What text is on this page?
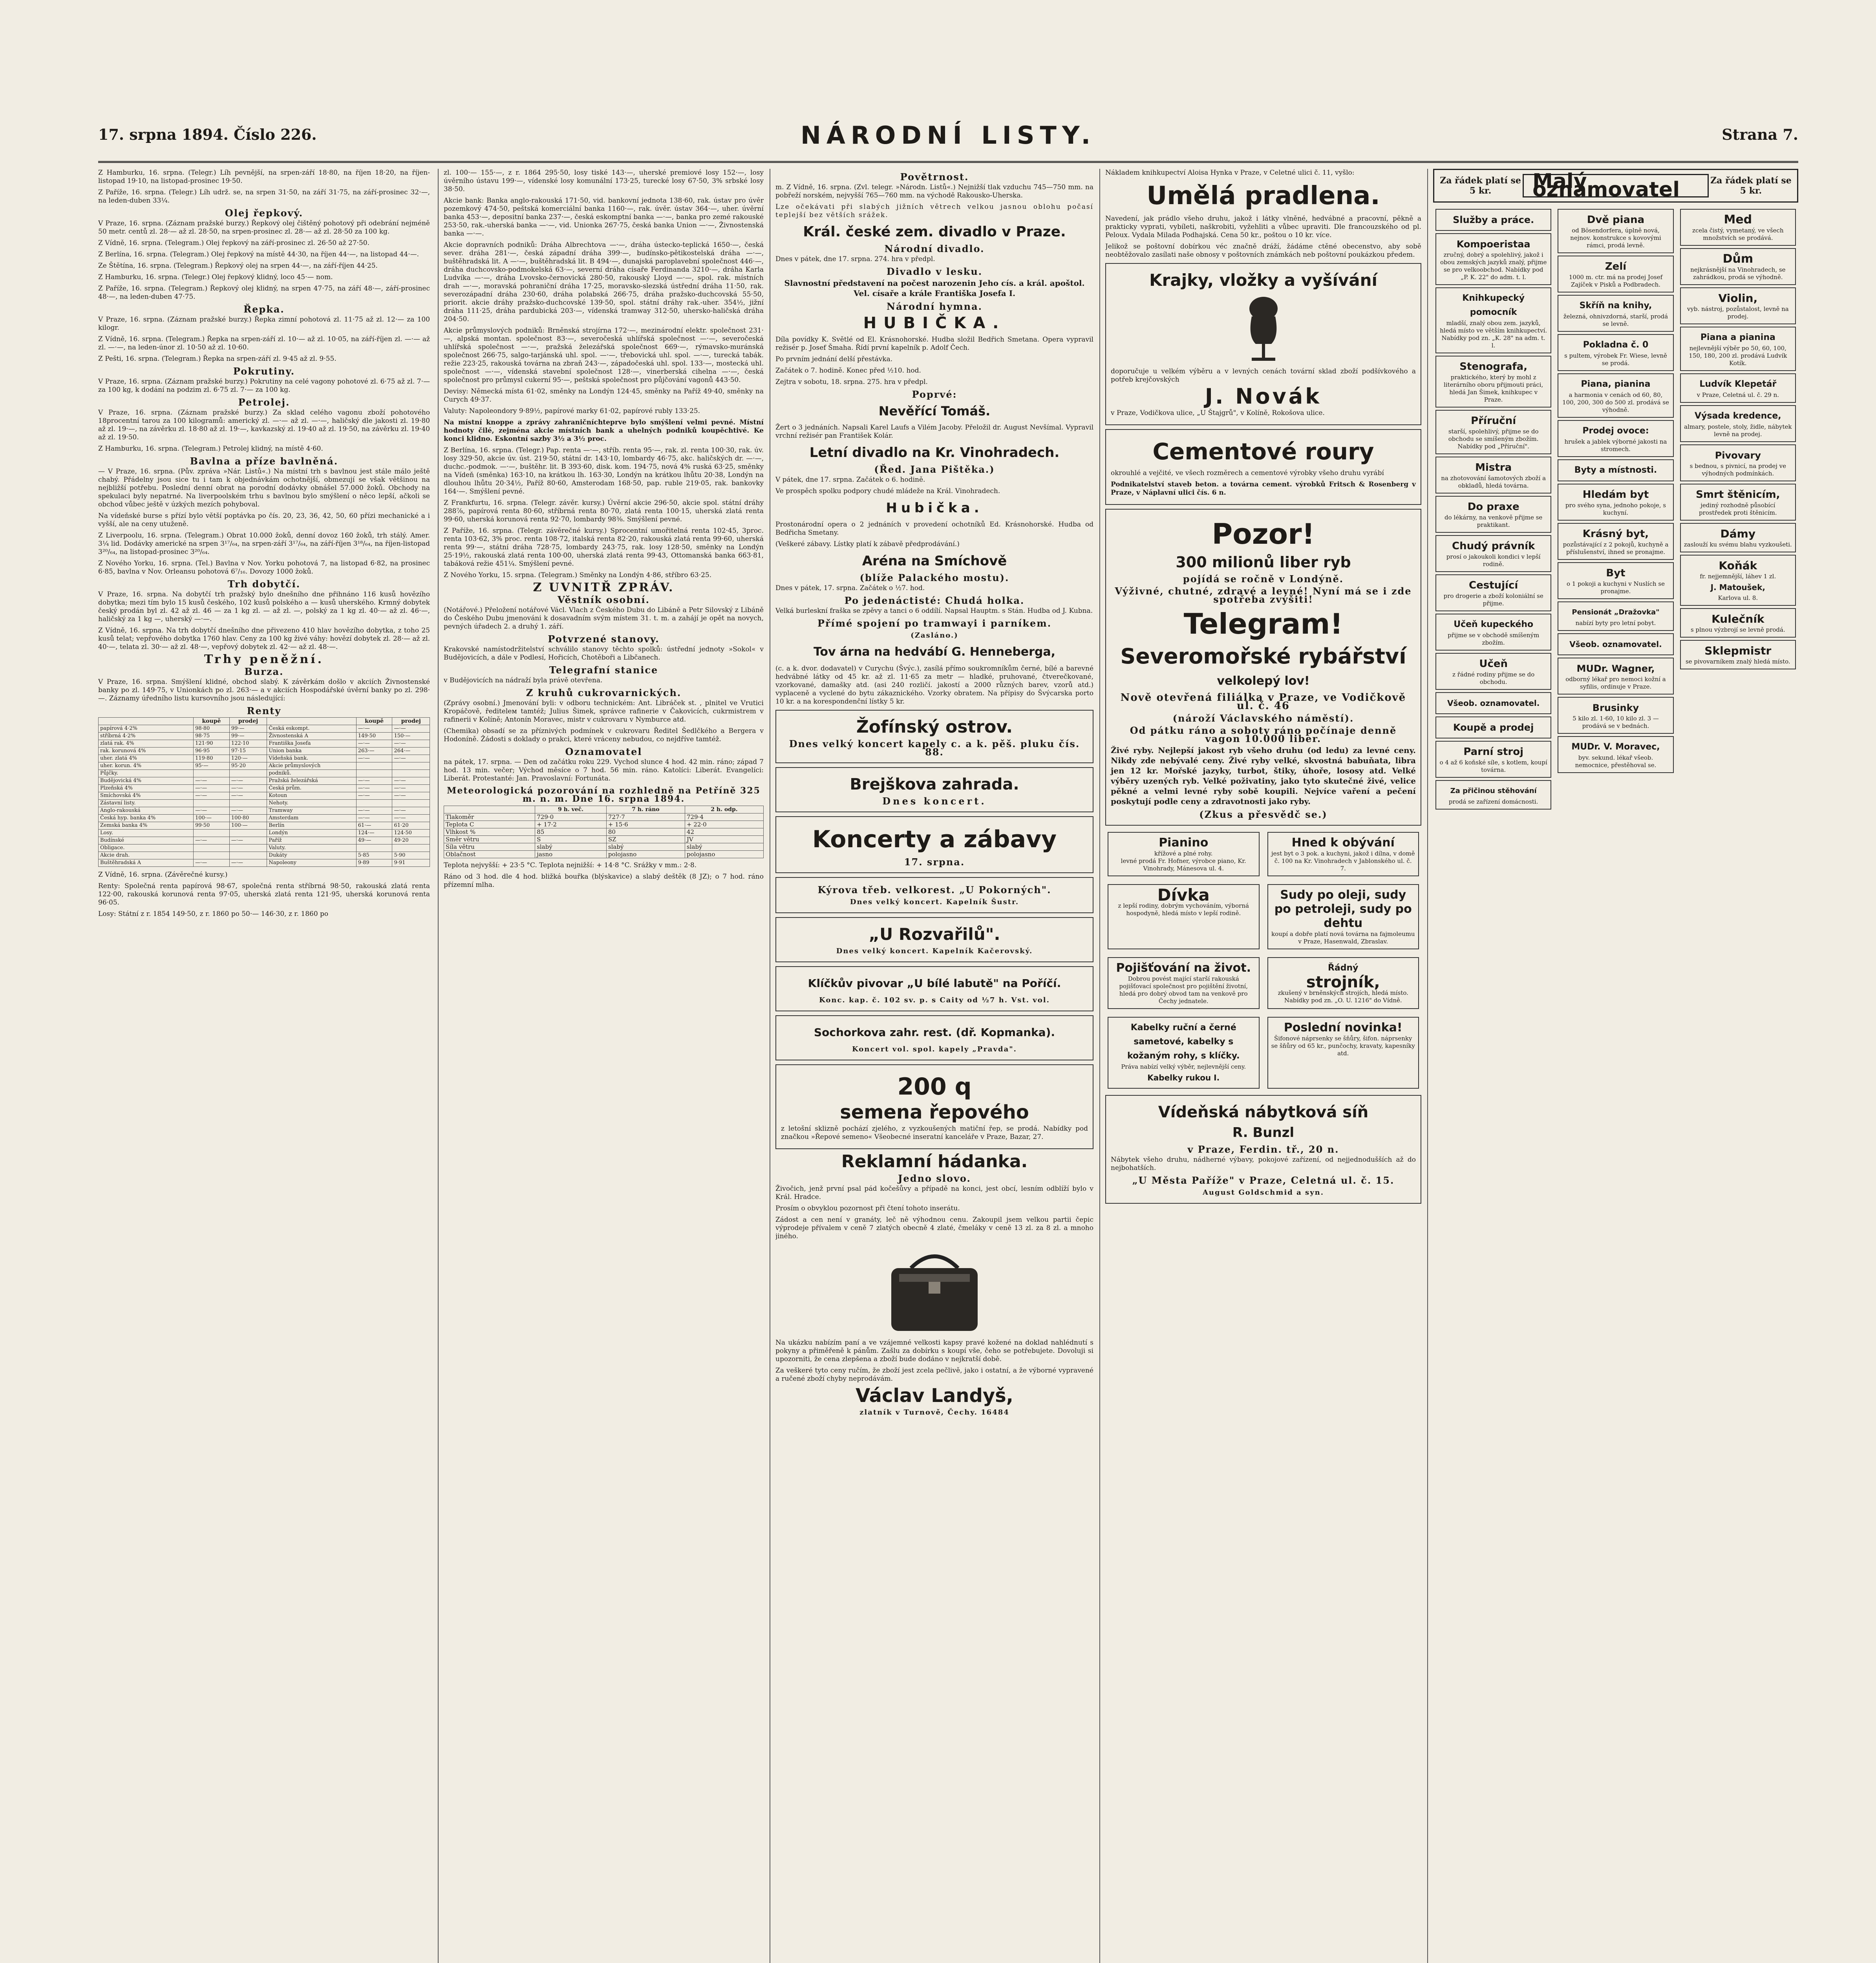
17. srpna 1894. Číslo 226.	NÁRODNÍ LISTY.	Strana 7.

Z Hamburku, 16. srpna. (Telegr.) Líh pevnější, na srpen-září 18·80, na říjen 18·20, na říjen-listopad 19·10, na listopad-prosinec 19·50.

Z Paříže, 16. srpna. (Telegr.) Líh udrž. se, na srpen 31·50, na září 31·75, na září-prosinec 32·—, na leden-duben 33¼.

Olej řepkový.

V Praze, 16. srpna. (Záznam pražské burzy.) Řepkový olej čištěný pohotový při odebrání nejméně 50 metr. centů zl. 28·— až zl. 28·50, na srpen-prosinec zl. 28·— až zl. 28·50 za 100 kg.

Z Vídně, 16. srpna. (Telegram.) Olej řepkový na září-prosinec zl. 26·50 až 27·50.

Z Berlína, 16. srpna. (Telegram.) Olej řepkový na místě 44·30, na říjen 44·—, na listopad 44·—.

Ze Štětína, 16. srpna. (Telegram.) Řepkový olej na srpen 44·—, na září-říjen 44·25.

Z Hamburku, 16. srpna. (Telegr.) Olej řepkový klidný, loco 45·— nom.

Z Paříže, 16. srpna. (Telegram.) Řepkový olej klidný, na srpen 47·75, na září 48·—, září-prosinec 48·—, na leden-duben 47·75.

Řepka.

V Praze, 16. srpna. (Záznam pražské burzy.) Řepka zimní pohotová zl. 11·75 až zl. 12·— za 100 kilogr.

Z Vídně, 16. srpna. (Telegram.) Řepka na srpen-září zl. 10·— až zl. 10·05, na září-říjen zl. —·— až zl. —·—, na leden-únor zl. 10·50 až zl. 10·60.

Z Pešti, 16. srpna. (Telegram.) Řepka na srpen-září zl. 9·45 až zl. 9·55.

Pokrutiny.

V Praze, 16. srpna. (Záznam pražské burzy.) Pokrutiny na celé vagony pohotové zl. 6·75 až zl. 7·— za 100 kg, k dodání na podzim zl. 6·75 zl. 7·— za 100 kg.

Petrolej.

V Praze, 16. srpna. (Záznam pražské burzy.) Za sklad celého vagonu zboží pohotového 18procentní tarou za 100 kilogramů: americký zl. —·— až zl. —·—, haličský dle jakosti zl. 19·80 až zl. 19·—, na závěrku zl. 18·80 až zl. 19·—, kavkazský zl. 19·40 až zl. 19·50, na závěrku zl. 19·40 až zl. 19·50.

Z Hamburku, 16. srpna. (Telegram.) Petrolej klidný, na místě 4·60.

Bavlna a příze bavlněná.

— V Praze, 16. srpna. (Pův. zpráva »Nár. Listů«.) Na místní trh s bavlnou jest stále málo ještě chabý. Přádelny jsou sice tu i tam k objednávkám ochotnější, obmezují se však většinou na nejbližší potřebu. Poslední denní obrat na porodní dodávky obnášel 57.000 žoků. Obchody na spekulaci byly nepatrné. Na liverpoolském trhu s bavlnou bylo smýšlení o něco lepší, ačkoli se obchod vůbec ještě v úzkých mezích pohyboval.

Na vídeňské burse s přízí bylo větší poptávka po čís. 20, 23, 36, 42, 50, 60 přízi mechanické a i vyšší, ale na ceny utuženě.

Z Liverpoolu, 16. srpna. (Telegram.) Obrat 10.000 žoků, denní dovoz 160 žoků, trh stálý. Amer. 3¼ lid. Dodávky americké na srpen 3¹⁷/₆₄, na srpen-září 3¹⁷/₆₄, na září-říjen 3¹⁸/₆₄, na říjen-listopad 3²⁰/₆₄, na listopad-prosinec 3²⁰/₆₄.

Z Nového Yorku, 16. srpna. (Tel.) Bavlna v Nov. Yorku pohotová 7, na listopad 6·82, na prosinec 6·85, bavlna v Nov. Orleansu pohotová 6⁷/₁₆. Dovozy 1000 žoků.

Trh dobytčí.

V Praze, 16. srpna. Na dobytčí trh pražský bylo dnešního dne přihnáno 116 kusů hovězího dobytka; mezi tím bylo 15 kusů českého, 102 kusů polského a — kusů uherského. Krmný dobytek český prodán byl zl. 42 až zl. 46 — za 1 kg zl. — až zl. —, polský za 1 kg zl. 40·— až zl. 46·—, haličský za 1 kg —, uherský —·—.

Z Vídně, 16. srpna. Na trh dobytčí dnešního dne přivezeno 410 hlav hovězího dobytka, z toho 25 kusů telat; vepřového dobytka 1760 hlav. Ceny za 100 kg živé váhy: hovězí dobytek zl. 28·— až zl. 40·—, telata zl. 30·— až zl. 48·—, vepřový dobytek zl. 42·— až zl. 48·—.

Trhy peněžní.
Burza.

V Praze, 16. srpna. Smýšlení klidné, obchod slabý. K závěrkám došlo v akciích Živnostenské banky po zl. 149·75, v Unionkách po zl. 263·— a v akciích Hospodářské úvěrní banky po zl. 298·—. Záznamy úředního listu kursovního jsou následující:

Renty
	koupě	prodej		koupě	prodej
papírová 4·2%	98·80	99·—	Česká eskompt.	—·—	—·—
stříbrná 4·2%	98·75	99·—	Živnostenská A	149·50	150·—
zlatá rak. 4%	121·90	122·10	Františka Josefa	—·—	—·—
rak. korunová 4%	96·95	97·15	Union banka	263·—	264·—
uher. zlatá 4%	119·80	120·—	Vídeňská bank.	—·—	—·—
uher. korun. 4%	95·—	95·20	Akcie průmyslových		
Půjčky.			podniků.		
Budějovická 4%	—·—	—·—	Pražská železářská	—·—	—·—
Plzeňská 4%	—·—	—·—	Česká prům.	—·—	—·—
Smíchovská 4%	—·—	—·—	Kotoun	—·—	—·—
Zástavní listy.			Nehoty.		
Anglo-rakouská	—·—	—·—	Tramway	—·—	—·—
Česká hyp. banka 4%	100·—	100·80	Amsterdam	—·—	—·—
Zemská banka 4%	99·50	100·—	Berlín	61·—	61·20
Losy.			Londýn	124·—	124·50
Budínské	—·—	—·—	Paříž	49·—	49·20
Obligace.			Valuty.		
Akcie drah.			Dukáty	5·85	5·90
Buštěhradská A	—·—	—·—	Napoleony	9·89	9·91

Z Vídně, 16. srpna. (Závěrečné kursy.)

Renty: Společná renta papírová 98·67, společná renta stříbrná 98·50, rakouská zlatá renta 122·00, rakouská korunová renta 97·05, uherská zlatá renta 121·95, uherská korunová renta 96·05.

Losy: Státní z r. 1854 149·50, z r. 1860 po 50·— 146·30, z r. 1860 po

zl. 100·— 155·—, z r. 1864 295·50, losy tiské 143·—, uherské premiové losy 152·—, losy úvěrního ústavu 199·—, vídenské losy komunální 173·25, turecké losy 67·50, 3% srbské losy 38·50.

Akcie bank: Banka anglo-rakouská 171·50, vid. bankovní jednota 138·60, rak. ústav pro úvěr pozemkový 474·50, peštská komerciální banka 1160·—, rak. úvěr. ústav 364·—, uher. úvěrní banka 453·—, depositní banka 237·—, česká eskomptní banka —·—, banka pro zemé rakouské 253·50, rak.-uherská banka —·—, vid. Unionka 267·75, česká banka Union —·—, Živnostenská banka —·—.

Akcie dopravních podniků: Dráha Albrechtova —·—, dráha ústecko-teplická 1650·—, česká sever. dráha 281·—, česká západní dráha 399·—, budínsko-pětikostelská dráha —·—, buštěhradská lit. A —·—, buštěhradská lit. B 494·—, dunajská paroplavební společnost 446·—, dráha duchcovsko-podmokelská 63·—, severní dráha císaře Ferdinanda 3210·—, dráha Karla Ludvíka —·—, dráha Lvovsko-černovická 280·50, rakouský Lloyd —·—, spol. rak. místních drah —·—, moravská pohraniční dráha 17·25, moravsko-slezská ústřední dráha 11·50, rak. severozápadní dráha 230·60, dráha polabská 266·75, dráha pražsko-duchcovská 55·50, priorit. akcie dráhy pražsko-duchcovské 139·50, spol. státní dráhy rak.-uher. 354½, jižní dráha 111·25, dráha pardubická 203·—, vídenská tramway 312·50, uhersko-haličská dráha 204·50.

Akcie průmyslových podniků: Brněnská strojírna 172·—, mezinárodní elektr. společnost 231·—, alpská montan. společnost 83·—, severočeská uhlířská společnost —·—, severočeská uhlířská společnost —·—, pražská železářská společnost 669·—, rýmavsko-muránská společnost 266·75, salgo-tarjánská uhl. spol. —·—, třebovická uhl. spol. —·—, turecká tabák. režie 223·25, rakouská továrna na zbraň 243·—, západočeská uhl. spol. 133·—, mostecká uhl. společnost —·—, vídenská stavební společnost 128·—, vinerberská cihelna —·—, česká společnost pro průmysl cukerní 95·—, peštská společnost pro půjčování vagonů 443·50.

Devisy: Německá místa 61·02, směnky na Londýn 124·45, směnky na Paříž 49·40, směnky na Curych 49·37.

Valuty: Napoleondory 9·89½, papírové marky 61·02, papírové rubly 133·25.

Na místní knoppe a zprávy zahraničníchteprve bylo smýšlení velmi pevné. Místní hodnoty čilé, zejména akcie místních bank a uhelných podniků koupěchtivé. Ke konci klidno. Eskontní sazby 3½ a 3½ proc.

Z Berlína, 16. srpna. (Telegr.) Pap. renta —·—, stříb. renta 95·—, rak. zl. renta 100·30, rak. úv. losy 329·50, akcie úv. úst. 219·50, státní dr. 143·10, lombardy 46·75, akc. haličských dr. —·—, duchc.-podmok. —·—, buštěhr. lit. B 393·60, disk. kom. 194·75, nová 4% ruská 63·25, směnky na Vídeň (směnka) 163·10, na krátkou lh. 163·30, Londýn na krátkou lhůtu 20·38, Londýn na dlouhou lhůtu 20·34½, Paříž 80·60, Amsterodam 168·50, pap. ruble 219·05, rak. bankovky 164·—. Smýšlení pevné.

Z Frankfurtu, 16. srpna. (Telegr. závěr. kursy.) Úvěrní akcie 296·50, akcie spol. státní dráhy 288⅞, papírová renta 80·60, stříbrná renta 80·70, zlatá renta 100·15, uherská zlatá renta 99·60, uherská korunová renta 92·70, lombardy 98⅜. Smýšlení pevné.

Z Paříže, 16. srpna. (Telegr. závěrečné kursy.) Sprocentní umořitelná renta 102·45, 3proc. renta 103·62, 3% proc. renta 108·72, italská renta 82·20, rakouská zlatá renta 99·60, uherská renta 99·—, státní dráha 728·75, lombardy 243·75, rak. losy 128·50, směnky na Londýn 25·19½, rakouská zlatá renta 100·00, uherská zlatá renta 99·43, Ottomanská banka 663·81, tabáková režie 451¼. Smýšlení pevné.

Z Nového Yorku, 15. srpna. (Telegram.) Směnky na Londýn 4·86, stříbro 63·25.

Z UVNITŘ ZPRÁV.
Věstník osobní.

(Notářové.) Přeložení notářové Václ. Vlach z Českého Dubu do Libáně a Petr Silovský z Libáně do Českého Dubu jmenováni k dosavadním svým místem 31. t. m. a zahájí je opět na novych, pevných úřadech 2. a druhý 1. září.

Potvrzené stanovy.

Krakovské namístodržitelství schválilo stanovy těchto spolků: ústřední jednoty »Sokol« v Budějovicích, a dále v Podlesí, Hořicích, Chotěboři a Libčanech.

Telegrafní stanice

v Budějovicích na nádraží byla právě otevřena.

Z kruhů cukrovarnických.

(Zprávy osobní.) Jmenování byli: v odboru technickém: Ant. Libráček st. , plnitel ve Vrutici Kropáčově, řediteleм tamtéž; Julius Šimek, správce rafinerie v Čakovicích, cukrmistrem v rafinerii v Kolíně; Antonín Moravec, mistr v cukrovaru v Nymburce atd.

(Chemika) obsadí se za příznivých podmínek v cukrovaru Ředitel Šedlčkého a Bergera v Hodoníně. Žádosti s doklady o prakci, které vráceny nebudou, co nejdříve tamtéž.

Oznamovatel

na pátek, 17. srpna. — Den od začátku roku 229. Vychod slunce 4 hod. 42 min. ráno; západ 7 hod. 13 min. večer; Východ měsíce o 7 hod. 56 min. ráno. Katolíci: Liberát. Evangelíci: Liberát. Protestanté: Jan. Pravoslavní: Fortunáta.

Meteorologická pozorování na rozhledně na Petříně 325 m. n. m. Dne 16. srpna 1894.
	9 h. več.	7 h. ráno	2 h. odp.
Tlakoměr	729·0	727·7	729·4
Teplota C	+ 17·2	+ 15·6	+ 22·0
Vlhkost %	85	80	42
Směr větru	S	SZ	JV
Síla větru	slabý	slabý	slabý
Oblačnost	jasno	polojasno	polojasno

Teplota nejvyšší: + 23·5 °C. Teplota nejnižší: + 14·8 °C. Srážky v mm.: 2·8.

Ráno od 3 hod. dle 4 hod. bližká bouřka (blýskavice) a slabý deštěk (8 JZ); o 7 hod. ráno přízemní mlha.

Povětrnost.

m. Z Vídně, 16. srpna. (Zvl. telegr. »Národn. Listů«.) Nejnižší tlak vzduchu 745—750 mm. na pobřeží norském, nejvyšší 765—760 mm. na východě Rakousko-Uherska.

Lze očekávati při slabých jižních větrech velkou jasnou oblohu počasí teplejší bez větších srážek.

Král. české zem. divadlo v Praze.
Národní divadlo.

Dnes v pátek, dne 17. srpna. 274. hra v předpl.

Divadlo v lesku.

Slavnostní představení na počest narozenin Jeho cís. a král. apoštol. Vel. císaře a krále Františka Josefa I.

Národní hymna.
HUBIČKA.

Díla povídky K. Světlé od El. Krásnohorské. Hudba složil Bedřich Smetana. Opera vypravil režisér p. Josef Šmaha. Řídí první kapelník p. Adolf Čech.

Po prvním jednání delší přestávka.

Začátek o 7. hodině. Konec před ½10. hod.

Zejtra v sobotu, 18. srpna. 275. hra v předpl.

Poprvé:
Nevěřící Tomáš.

Žert o 3 jednáních. Napsali Karel Laufs a Vilém Jacoby. Přeložil dr. August Nevšímal. Vypravil vrchní režisér pan František Kolár.

Letní divadlo na Kr. Vinohradech.
(Řed. Jana Pištěka.)

V pátek, dne 17. srpna. Začátek o 6. hodině.

Ve prospěch spolku podpory chudé mládeže na Král. Vinohradech.

Hubička.

Prostonárodní opera o 2 jednáních v provedení ochotníků Ed. Krásnohorské. Hudba od Bedřicha Smetany.

(Veškeré zábavy. Lístky platí k zábavě předprodávání.)

Aréna na Smíchově
(blíže Palackého mostu).

Dnes v pátek, 17. srpna. Začátek o ½7. hod.

Po jedenáctisté: Chudá holka.

Velká burleskní fraška se zpěvy a tanci o 6 oddílí. Napsal Hauptm. s Stán. Hudba od J. Kubna.

Přímé spojení po tramwayi i parníkem.
(Zasláno.)
Tov árna na hedvábí G. Henneberga,

(c. a k. dvor. dodavatel) v Curychu (Švýc.), zasílá přímo soukromníkům černé, bílé a barevné hedvábné látky od 45 kr. až zl. 11·65 za metr — hladké, pruhované, čtverečkované, vzorkované, damašky atd. (asi 240 rozličí. jakostí a 2000 různých barev, vzorů atd.) vyplaceně a vyclené do bytu zákaznického. Vzorky obratem. Na přípisy do Švýcarska porto 10 kr. a na korespondenční lístky 5 kr.

Žofínský ostrov.
Dnes velký koncert kapely c. a k. pěš. pluku čís. 88.
Brejškova zahrada.
Dnes koncert.
Koncerty a zábavy
17. srpna.
Kýrova třeb. velkorest. „U Pokorných".
Dnes velký koncert. Kapelník Šustr.
„U Rozvařilů".
Dnes velký koncert. Kapelník Kačerovský.
Klíčkův pivovar „U bílé labutě" na Poříčí.
Konc. kap. č. 102 sv. p. s Caity od ½7 h. Vst. vol.
Sochorkova zahr. rest. (dř. Kopmanka).
Koncert vol. spol. kapely „Pravda".
200 q
semena řepového

z letošní sklizně pochází zjelého, z vyzkoušených matiční řep, se prodá. Nabídky pod značkou »Řepové semeno« Všeobecné inseratní kanceláře v Praze, Bazar, 27.

Reklamní hádanka.
Jedno slovo.

Živočich, jenž první psal pád kočešůvy a případě na konci, jest obcí, lesním odblíží bylo v Král. Hradce.

Prosím o obvyklou pozornost při čtení tohoto inserátu.

Zádost a cen není v granáty, leč ně výhodnou cenu. Zakoupil jsem velkou partii čepic výprodeje přívalem v ceně 7 zlatých obecně 4 zlaté, čmeláky v ceně 13 zl. za 8 zl. a mnoho jiného.

Na ukázku nabízím paní a ve vzájemné velkosti kapsy pravé kožené na doklad nahlédnutí s pokyny a přiměřeně k pánům. Zašlu za dobírku s koupí vše, čeho se potřebujete. Dovoluji si upozorniti, že cena zlepšena a zboží bude dodáno v nejkratší době.

Za veškeré tyto ceny ručím, že zboží jest zcela pečlivě, jako i ostatní, a že výborné vypravené a ručené zboží chyby neprodávám.

Václav Landyš,
zlatník v Turnově, Čechy. 16484

Nákladem knihkupectví Aloisa Hynka v Praze, v Celetné ulici č. 11, vyšlo:

Umělá pradlena.

Navedení, jak prádlo všeho druhu, jakož i látky vlněné, hedvábné a pracovní, pěkně a prakticky vyprati, vybíleti, naškrobiti, vyžehliti a vůbec upraviti. Dle francouzského od pl. Peloux. Vydala Milada Podhajská. Cena 50 kr., poštou o 10 kr. více.

Jelikož se poštovní dobírkou véc značně dráží, žádáme ctěné obecenstvo, aby sobě neobtěžovalo zasílati naše obnosy v poštovních známkách neb poštovní poukázkou předem.

Krajky, vložky a vyšívání

doporučuje u velkém výběru a v levných cenách tovární sklad zboží podšívkového a potřeb krejčovských

J. Novák

v Praze, Vodičkova ulice, „U Štajgrů", v Kolíně, Rokošova ulice.

Cementové roury

okrouhlé a vejčité, ve všech rozměrech a cementové výrobky všeho druhu vyrábí

Podnikatelství staveb beton. a továrna cement. výrobků Fritsch & Rosenberg v Praze, v Náplavní ulici čís. 6 n.

Pozor!
300 milionů liber ryb
pojídá se ročně v Londýně.
Výživné, chutné, zdravé a levné! Nyní má se i zde spotřeba zvýšiti!
Telegram!
Severomořské rybářství
velkolepý lov!
Nově otevřená filiálka v Praze, ve Vodičkově ul. č. 46
(nároží Václavského náměstí).
Od pátku ráno a soboty ráno počínaje denně vagon 10.000 liber.

Živé ryby. Nejlepší jakost ryb všeho druhu (od ledu) za levné ceny. Nikdy zde nebývalé ceny. Živé ryby velké, skvostná babuňata, libra jen 12 kr. Mořské jazyky, turbot, štiky, úhoře, lososy atd. Velké výběry uzených ryb. Velké poživatiny, jako tyto skutečné živé, velice pěkné a velmi levné ryby sobě koupili. Nejvíce vaření a pečení poskytují podle ceny a zdravotnosti jako ryby.

(Zkus a přesvědč se.)
Pianino
křížové a plné rohy.
levné prodá Fr. Hofner, výrobce piano, Kr. Vinohrady, Mánesova ul. 4.
Hned k obývání
jest byt o 3 pok. a kuchyni, jakož i dílna, v domě č. 100 na Kr. Vinohradech v Jablonského ul. č. 7.
Dívka
z lepší rodiny, dobrým vychováním, výborná hospodyně, hledá místo v lepší rodině.
Sudy po oleji, sudy po petroleji, sudy po dehtu
koupí a dobře platí nová továrna na fajmoleumu v Praze, Hasenwald, Zbraslav.
Pojišťování na život.
Dobrou povést mající starší rakouská pojišťovací společnost pro pojištění životní, hledá pro dobrý obvod tam na venkově pro Čechy jednatele.
Řádný
strojník,
zkušený v brněnských strojích, hledá místo. Nabídky pod zn. „O. U. 1216" do Vídně.
Kabelky ruční a černé sametové, kabelky s kožaným rohy, s klíčky.
Práva nabízí velký výběr, nejlevnější ceny.
Kabelky rukou I.
Poslední novinka!
Šifonové náprsenky se šňůry, šifon. náprsenky se šňůry od 65 kr., punčochy, kravaty, kapesníky atd.
Vídeňská nábytková síň
R. Bunzl
v Praze, Ferdin. tř., 20 n.

Nábytek všeho druhu, nádherné výbavy, pokojové zařízení, od nejjednodušších až do nejbohatších.

„U Města Paříže" v Praze, Celetná ul. č. 15.
August Goldschmid a syn.
Za řádek platí se 5 kr.	Malý oznamovatel	Za řádek platí se 5 kr.
Služby a práce.
Kompoeristaa
zručný, dobrý a spolehlivý, jakož i obou zemských jazyků znalý, přijme se pro velkoobchod. Nabídky pod „P. K. 22" do adm. t. l.
Knihkupecký pomocník
mladší, znalý obou zem. jazyků, hledá místo ve větším knihkupectví. Nabídky pod zn. „K. 28" na adm. t. l.
Stenografa,
praktického, který by mohl z literárního oboru přijmouti práci, hledá Jan Šimek, knihkupec v Praze.
Příruční
starší, spolehlivý, přijme se do obchodu se smíšeným zbožím. Nabídky pod „Příruční".
Mistra
na zhotovování šamotových zboží a obkladů, hledá továrna.
Do praxe
do lékárny, na venkově přijme se praktikant.
Chudý právník
prosí o jakoukoli kondici v lepší rodině.
Cestující
pro drogerie a zboží koloniální se přijme.
Učeň kupeckého
přijme se v obchodě smíšeným zbožím.
Učeň
z řádné rodiny přijme se do obchodu.
Všeob. oznamovatel.
Koupě a prodej
Parní stroj
o 4 až 6 koňské síle, s kotlem, koupí továrna.
Za přičinou stěhování
prodá se zařízení domácnosti.
Dvě piana
od Bösendorfera, úplně nová, nejnov. konstrukce s kovovými rámci, prodá levně.
Zelí
1000 m. ctr. má na prodej Josef Zajíček v Pisků a Podbradech.
Skříň na knihy,
železná, ohnivzdorná, starší, prodá se levně.
Pokladna č. 0
s pultem, výrobek Fr. Wiese, levně se prodá.
Piana, pianina
a harmonia v cenách od 60, 80, 100, 200, 300 do 500 zl. prodává se výhodně.
Prodej ovoce:
hrušek a jablek výborné jakosti na stromech.
Byty a místnosti.
Hledám byt
pro svého syna, jednoho pokoje, s kuchyní.
Krásný byt,
pozůstávající z 2 pokojů, kuchyně a příslušenství, ihned se pronajme.
Byt
o 1 pokoji a kuchyni v Nuslích se pronajme.
Pensionát „Dražovka"
nabízí byty pro letní pobyt.
Všeob. oznamovatel.
MUDr. Wagner,
odborný lékař pro nemoci kožní a syfilis, ordinuje v Praze.
Brusinky
5 kilo zl. 1·60, 10 kilo zl. 3 — prodává se v bednách.
MUDr. V. Moravec,
byv. sekund. lékař všeob. nemocnice, přestěhoval se.
Med
zcela čistý, vymetaný, ve všech množstvích se prodává.
Dům
nejkrásnější na Vinohradech, se zahrádkou, prodá se výhodně.
Violin,
vyb. nástroj, pozůstalost, levně na prodej.
Piana a pianina
nejlevnější výběr po 50, 60, 100, 150, 180, 200 zl. prodává Ludvík Kotík.
Ludvík Klepetář
v Praze, Celetná ul. č. 29 n.
Výsada kredence,
almary, postele, stoly, židle, nábytek levně na prodej.
Pivovary
s bednou, s pivnicí, na prodej ve výhodných podmínkách.
Smrt štěnicím,
jediný rozhodně působící prostředek proti štěnicím.
Dámy
zaslouží ku svému blahu vyzkoušeti.
Koňák
fr. nejjemnější, láhev 1 zl.
J. Matoušek,
Karlova ul. 8.
Kulečník
s plnou výzbrojí se levně prodá.
Sklepmistr
se pivovarníkem znalý hledá místo.
